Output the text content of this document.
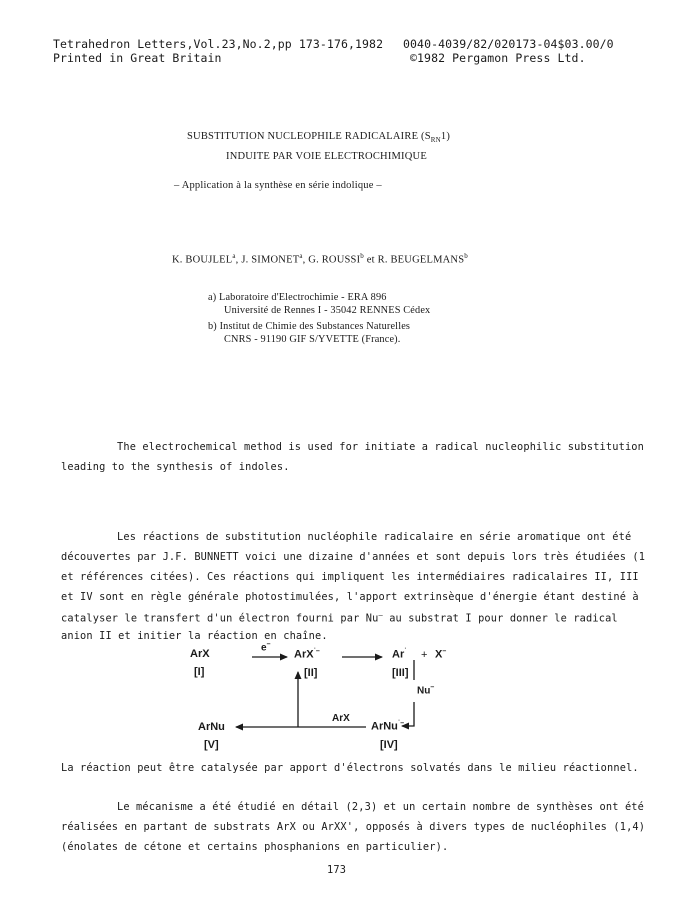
Tetrahedron Letters,Vol.23,No.2,pp 173-176,1982
Printed in Great Britain
0040-4039/82/020173-04$03.00/0
©1982 Pergamon Press Ltd.
SUBSTITUTION NUCLEOPHILE RADICALAIRE $(S_{RN}1)$
INDUITE PAR VOIE ELECTROCHIMIQUE
– Application à la synthèse en série indolique –
K. BOUJLEL$^a$, J. SIMONET$^a$, G. ROUSSI$^b$ et R. BEUGELMANS$^b$
a) Laboratoire d'Electrochimie - ERA 896
Université de Rennes I - 35042 RENNES Cédex
b) Institut de Chimie des Substances Naturelles
CNRS - 91190 GIF S/YVETTE (France).
The electrochemical method is used for initiate a radical nucleophilic substitution
leading to the synthesis of indoles.
Les réactions de substitution nucléophile radicalaire en série aromatique ont été
découvertes par J.F. BUNNETT voici une dizaine d'années et sont depuis lors très étudiées (1
et références citées). Ces réactions qui impliquent les intermédiaires radicalaires II, III
et IV sont en règle générale photostimulées, l'apport extrinsèque d'énergie étant destiné à
catalyser le transfert d'un électron fourni par Nu– au substrat I pour donner le radical
anion II et initier la réaction en chaîne.
ArX
[I]
e–
ArX˙–
[II]
Ar˙ + X–
[III]
Nu–
ArNu
[V]
ArX
ArNu˙–
[IV]
La réaction peut être catalysée par apport d'électrons solvatés dans le milieu réactionnel.
Le mécanisme a été étudié en détail (2,3) et un certain nombre de synthèses ont été
réalisées en partant de substrats ArX ou ArXX', opposés à divers types de nucléophiles (1,4)
(énolates de cétone et certains phosphanions en particulier).
173
